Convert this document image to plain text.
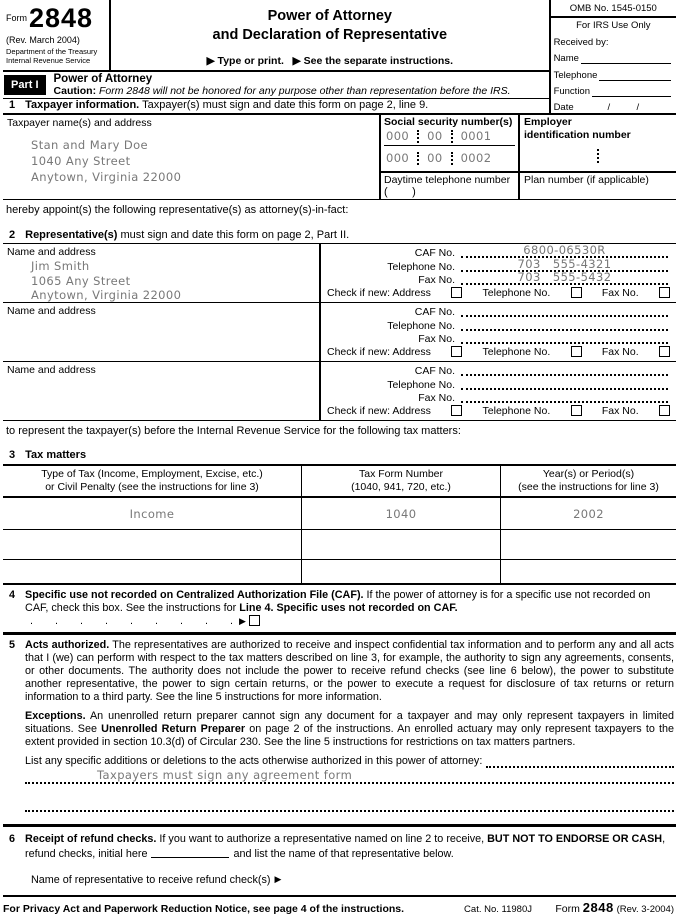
Form 2848
(Rev. March 2004)
Department of the Treasury
Internal Revenue Service
Power of Attorney
and Declaration of Representative
▶ Type or print.   ▶ See the separate instructions.
Part I
Power of Attorney
Caution: Form 2848 will not be honored for any purpose other than representation before the IRS.
1 Taxpayer information. Taxpayer(s) must sign and date this form on page 2, line 9.
OMB No. 1545-0150
For IRS Use Only
Received by:
Name
Telephone
Function
Date	/          /
Taxpayer name(s) and address
Stan and Mary Doe
1040 Any Street
Anytown, Virginia 22000
Social security number(s)
000 00 0001
000 00 0002
Daytime telephone number
(        )
Employer identification number
Plan number (if applicable)
hereby appoint(s) the following representative(s) as attorney(s)-in-fact:
2 Representative(s) must sign and date this form on page 2, Part II.
Name and address
Jim Smith
1065 Any Street
Anytown, Virginia 22000
CAF No.	6800-06530R
Telephone No.	703   555-4321
Fax No.	703   555-5432
Check if new: Address	Telephone No.	Fax No.
Name and address	CAF No.
Telephone No.
Fax No.
Check if new: Address	Telephone No.	Fax No.
Name and address	CAF No.
Telephone No.
Fax No.
Check if new: Address	Telephone No.	Fax No.
to represent the taxpayer(s) before the Internal Revenue Service for the following tax matters:
3 Tax matters
Type of Tax (Income, Employment, Excise, etc.)
or Civil Penalty (see the instructions for line 3)
Tax Form Number
(1040, 941, 720, etc.)
Year(s) or Period(s)
(see the instructions for line 3)
Income	1040	2002
4 Specific use not recorded on Centralized Authorization File (CAF). If the power of attorney is for a specific use not recorded on CAF, check this box. See the instructions for Line 4. Specific uses not recorded on CAF. .    .    .    .    .    .    .    .    . ▶
5 Acts authorized. The representatives are authorized to receive and inspect confidential tax information and to perform any and all acts that I (we) can perform with respect to the tax matters described on line 3, for example, the authority to sign any agreements, consents, or other documents. The authority does not include the power to receive refund checks (see line 6 below), the power to substitute another representative, the power to sign certain returns, or the power to execute a request for disclosure of tax returns or return information to a third party. See the line 5 instructions for more information.
Exceptions. An unenrolled return preparer cannot sign any document for a taxpayer and may only represent taxpayers in limited situations. See Unenrolled Return Preparer on page 2 of the instructions. An enrolled actuary may only represent taxpayers to the extent provided in section 10.3(d) of Circular 230. See the line 5 instructions for restrictions on tax matters partners.
List any specific additions or deletions to the acts otherwise authorized in this power of attorney:
Taxpayers must sign any agreement form
6 Receipt of refund checks. If you want to authorize a representative named on line 2 to receive, BUT NOT TO ENDORSE OR CASH, refund checks, initial here	and list the name of that representative below.
Name of representative to receive refund check(s) ▶
For Privacy Act and Paperwork Reduction Notice, see page 4 of the instructions.	Cat. No. 11980J Form 2848 (Rev. 3-2004)
